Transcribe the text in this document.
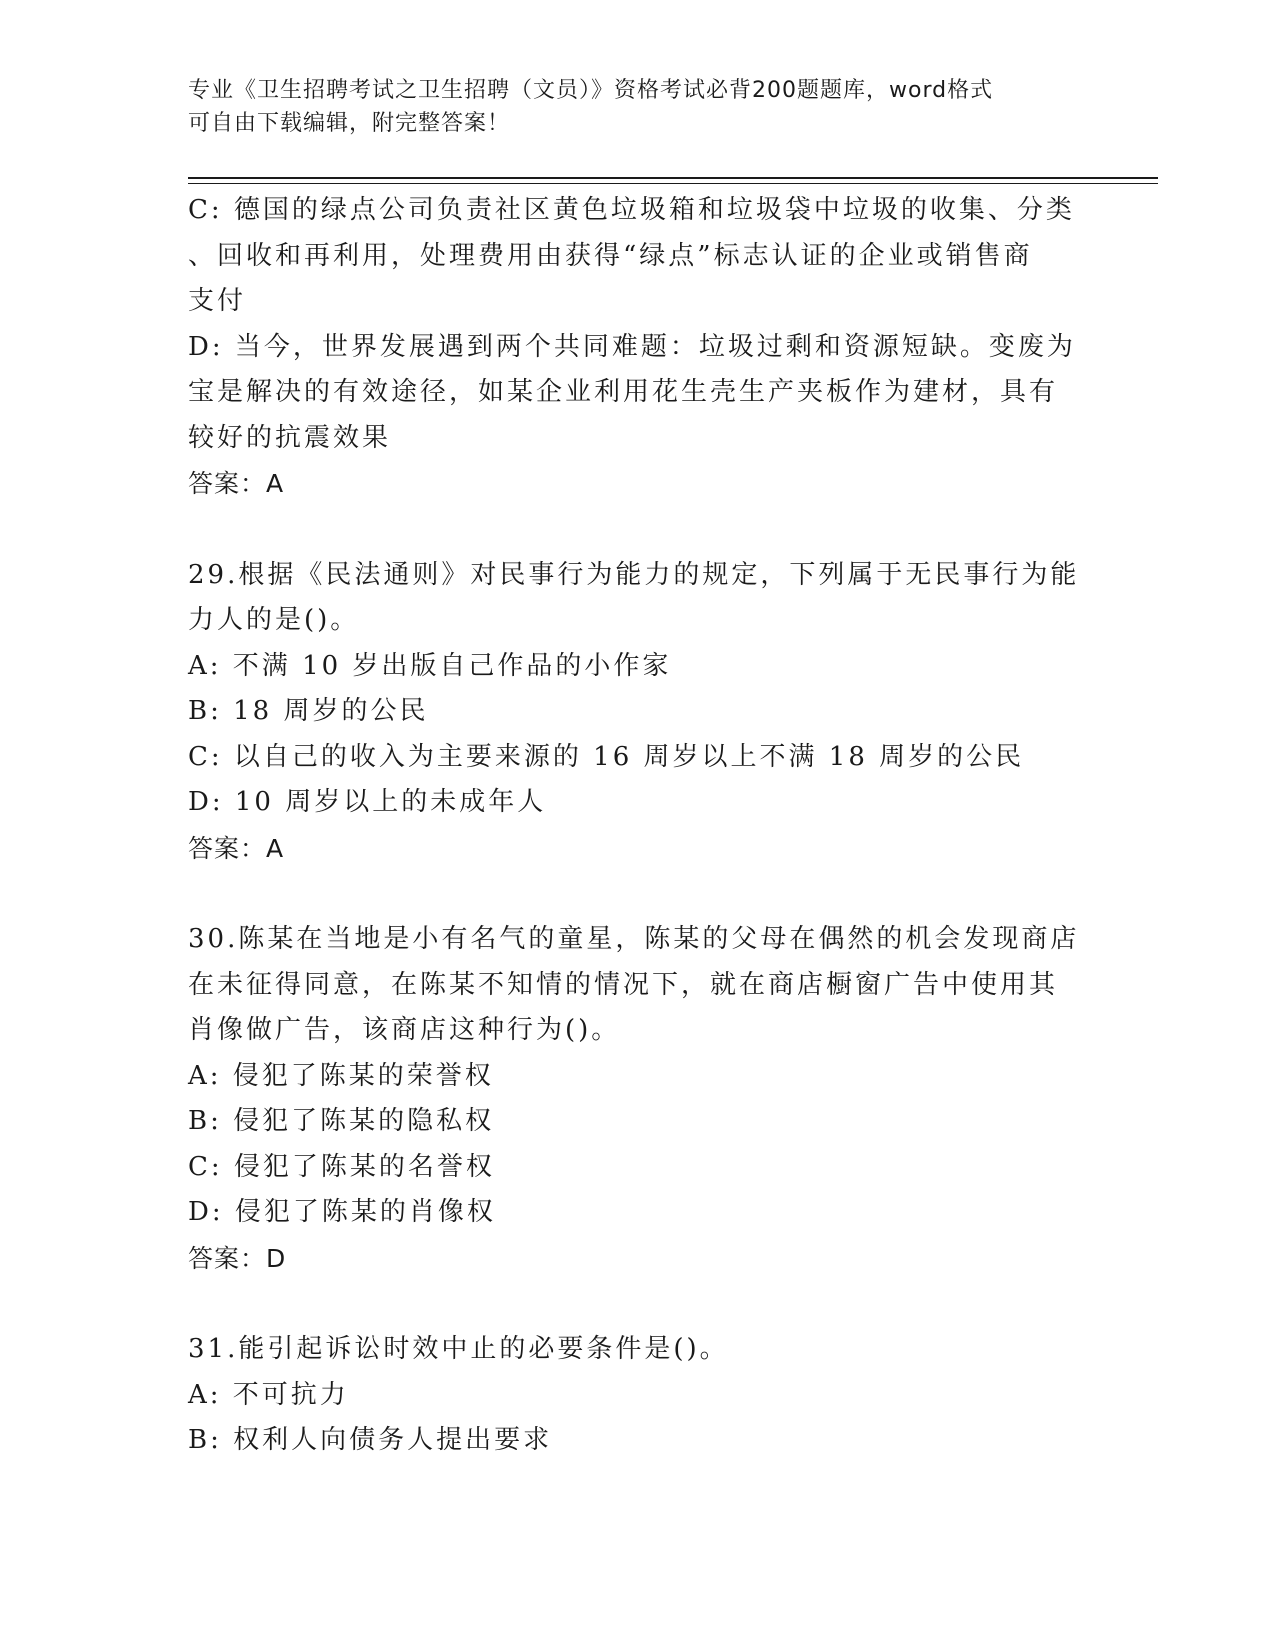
专业《卫生招聘考试之卫生招聘（文员）》资格考试必背200题题库，word格式
可自由下载编辑，附完整答案！
C: 德国的绿点公司负责社区黄色垃圾箱和垃圾袋中垃圾的收集、分类
、回收和再利用，处理费用由获得“绿点”标志认证的企业或销售商
支付
D: 当今，世界发展遇到两个共同难题：垃圾过剩和资源短缺。变废为
宝是解决的有效途径，如某企业利用花生壳生产夹板作为建材，具有
较好的抗震效果
答案：A
29.根据《民法通则》对民事行为能力的规定，下列属于无民事行为能
力人的是()。
A: 不满 10 岁出版自己作品的小作家
B: 18 周岁的公民
C: 以自己的收入为主要来源的 16 周岁以上不满 18 周岁的公民
D: 10 周岁以上的未成年人
答案：A
30.陈某在当地是小有名气的童星，陈某的父母在偶然的机会发现商店
在未征得同意，在陈某不知情的情况下，就在商店橱窗广告中使用其
肖像做广告，该商店这种行为()。
A: 侵犯了陈某的荣誉权
B: 侵犯了陈某的隐私权
C: 侵犯了陈某的名誉权
D: 侵犯了陈某的肖像权
答案：D
31.能引起诉讼时效中止的必要条件是()。
A: 不可抗力
B: 权利人向债务人提出要求
